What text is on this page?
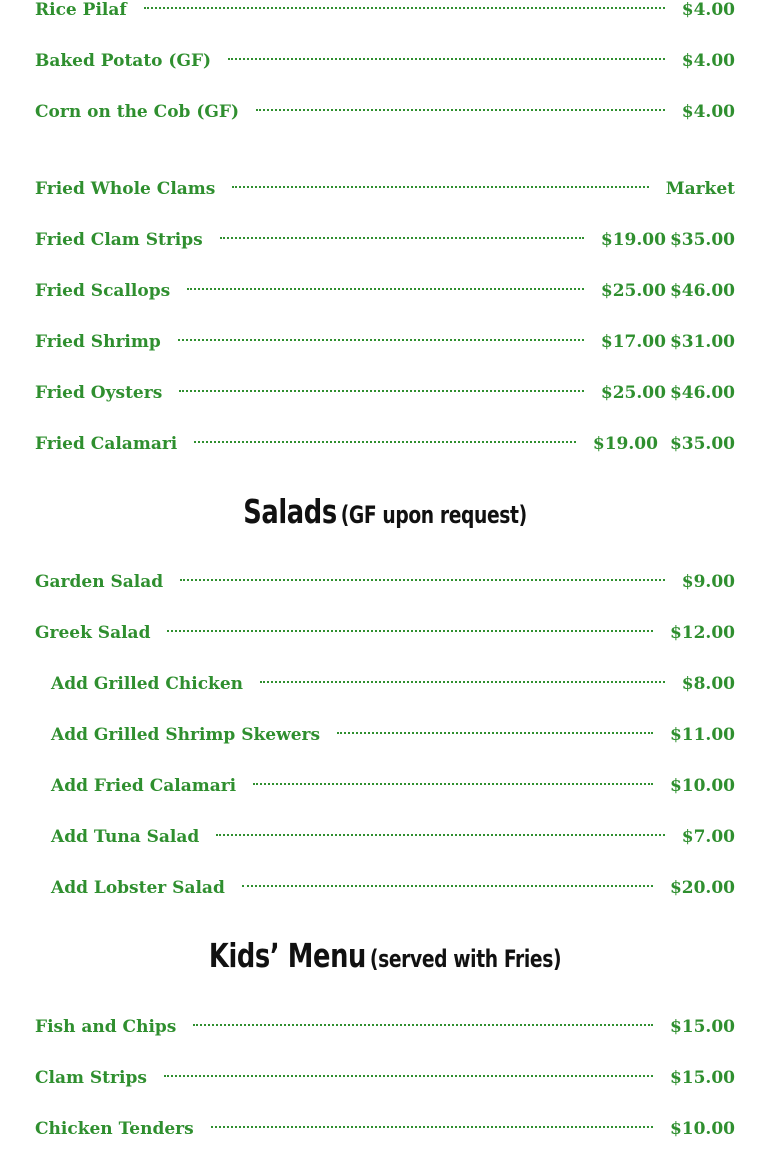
Rice Pilaf	$4.00
Baked Potato (GF)	$4.00
Corn on the Cob (GF)	$4.00
Fried Whole Clams	Market
Fried Clam Strips	$19.00 $35.00
Fried Scallops	$25.00 $46.00
Fried Shrimp	$17.00 $31.00
Fried Oysters	$25.00 $46.00
Fried Calamari	$19.00 $35.00
Salads (GF upon request)
Garden Salad	$9.00
Greek Salad	$12.00
Add Grilled Chicken	$8.00
Add Grilled Shrimp Skewers	$11.00
Add Fried Calamari	$10.00
Add Tuna Salad	$7.00
Add Lobster Salad	$20.00
Kids’ Menu (served with Fries)
Fish and Chips	$15.00
Clam Strips	$15.00
Chicken Tenders	$10.00
